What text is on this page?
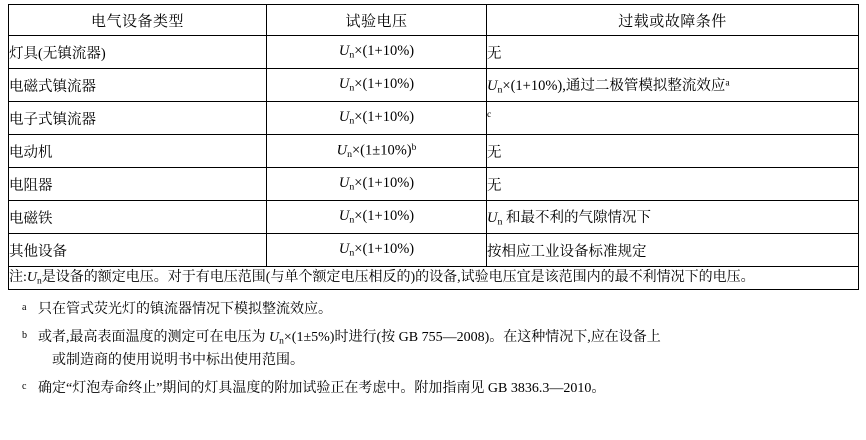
电气设备类型	试验电压	过载或故障条件
灯具(无镇流器)	$U_n\times(1+10\%)$	无
电磁式镇流器	$U_n\times(1+10\%)$	$U_n\times(1+10\%)$,通过二极管模拟整流效应$^a$
电子式镇流器	$U_n\times(1+10\%)$	$^c$
电动机	$U_n\times(1\pm 10\%)^b$	无
电阻器	$U_n\times(1+10\%)$	无
电磁铁	$U_n\times(1+10\%)$	$U_n$ 和最不利的气隙情况下
其他设备	$U_n\times(1+10\%)$	按相应工业设备标准规定
注$:U_n$是设备的额定电压。对于有电压范围(与单个额定电压相反的)的设备,试验电压宜是该范围内的最不利情况下的电压。		
a 只在管式荧光灯的镇流器情况下模拟整流效应。
b 或者,最高表面温度的测定可在电压为 $U_n\times(1\pm 5\%)$时进行(按 GB 755—2008)。在这种情况下,应在设备上
或制造商的使用说明书中标出使用范围。
c 确定“灯泡寿命终止”期间的灯具温度的附加试验正在考虑中。附加指南见 GB 3836.3—2010。
